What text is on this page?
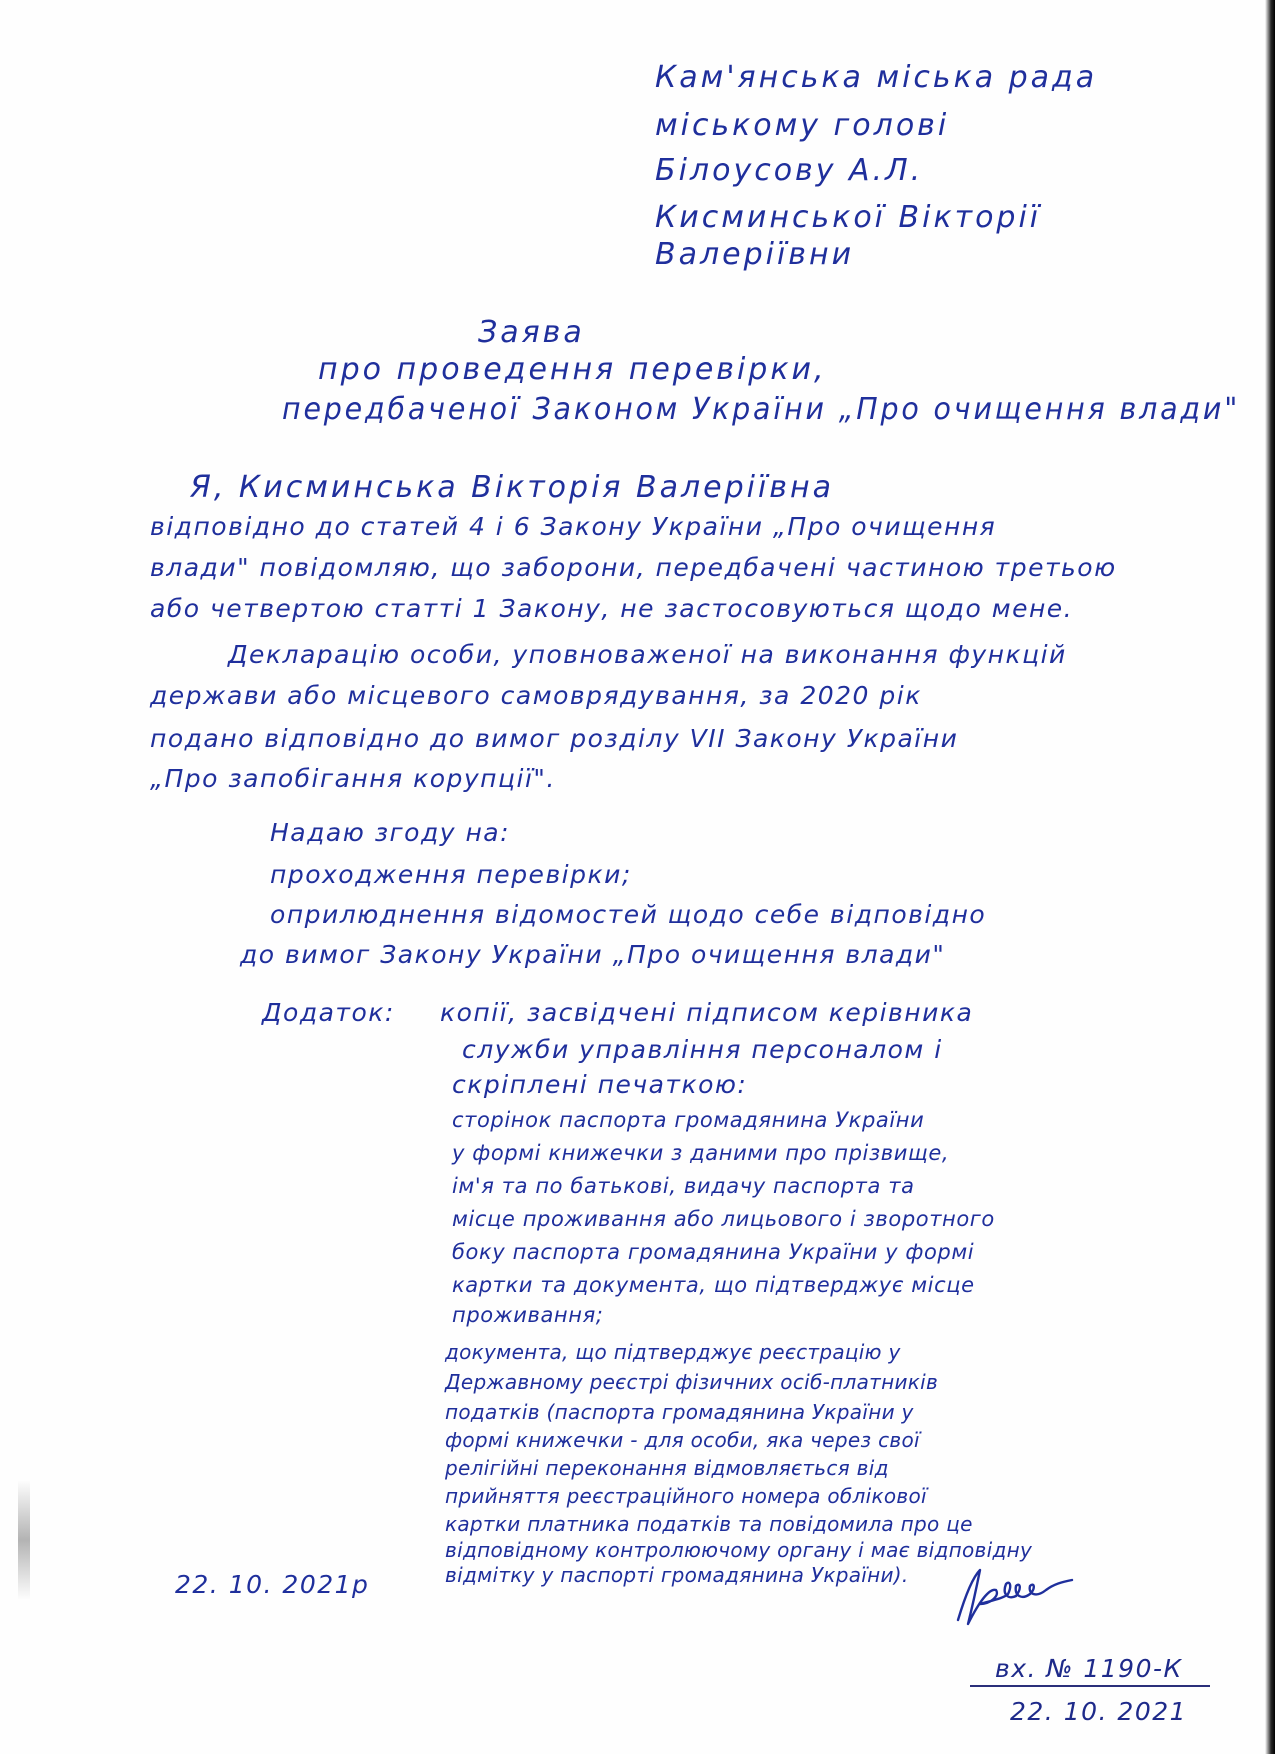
Кам'янська міська рада
міському голові
Білоусову А.Л.
Кисминської Вікторії
Валеріївни
Заява
про проведення перевірки,
передбаченої Законом України „Про очищення влади"
Я, Кисминська Вікторія Валеріївна
відповідно до статей 4 і 6 Закону України „Про очищення
влади" повідомляю, що заборони, передбачені частиною третьою
або четвертою статті 1 Закону, не застосовуються щодо мене.
Декларацію особи, уповноваженої на виконання функцій
держави або місцевого самоврядування, за 2020 рік
подано відповідно до вимог розділу VII Закону України
„Про запобігання корупції".
Надаю згоду на:
проходження перевірки;
оприлюднення відомостей щодо себе відповідно
до вимог Закону України „Про очищення влади"
Додаток: копії, засвідчені підписом керівника
служби управління персоналом і
скріплені печаткою:
сторінок паспорта громадянина України
у формі книжечки з даними про прізвище,
ім'я та по батькові, видачу паспорта та
місце проживання або лицьового і зворотного
боку паспорта громадянина України у формі
картки та документа, що підтверджує місце
проживання;
документа, що підтверджує реєстрацію у
Державному реєстрі фізичних осіб-платників
податків (паспорта громадянина України у
формі книжечки - для особи, яка через свої
релігійні переконання відмовляється від
прийняття реєстраційного номера облікової
картки платника податків та повідомила про це
відповідному контролюючому органу і має відповідну
відмітку у паспорті громадянина України).
22. 10. 2021р
вх. № 1190-К
22. 10. 2021
